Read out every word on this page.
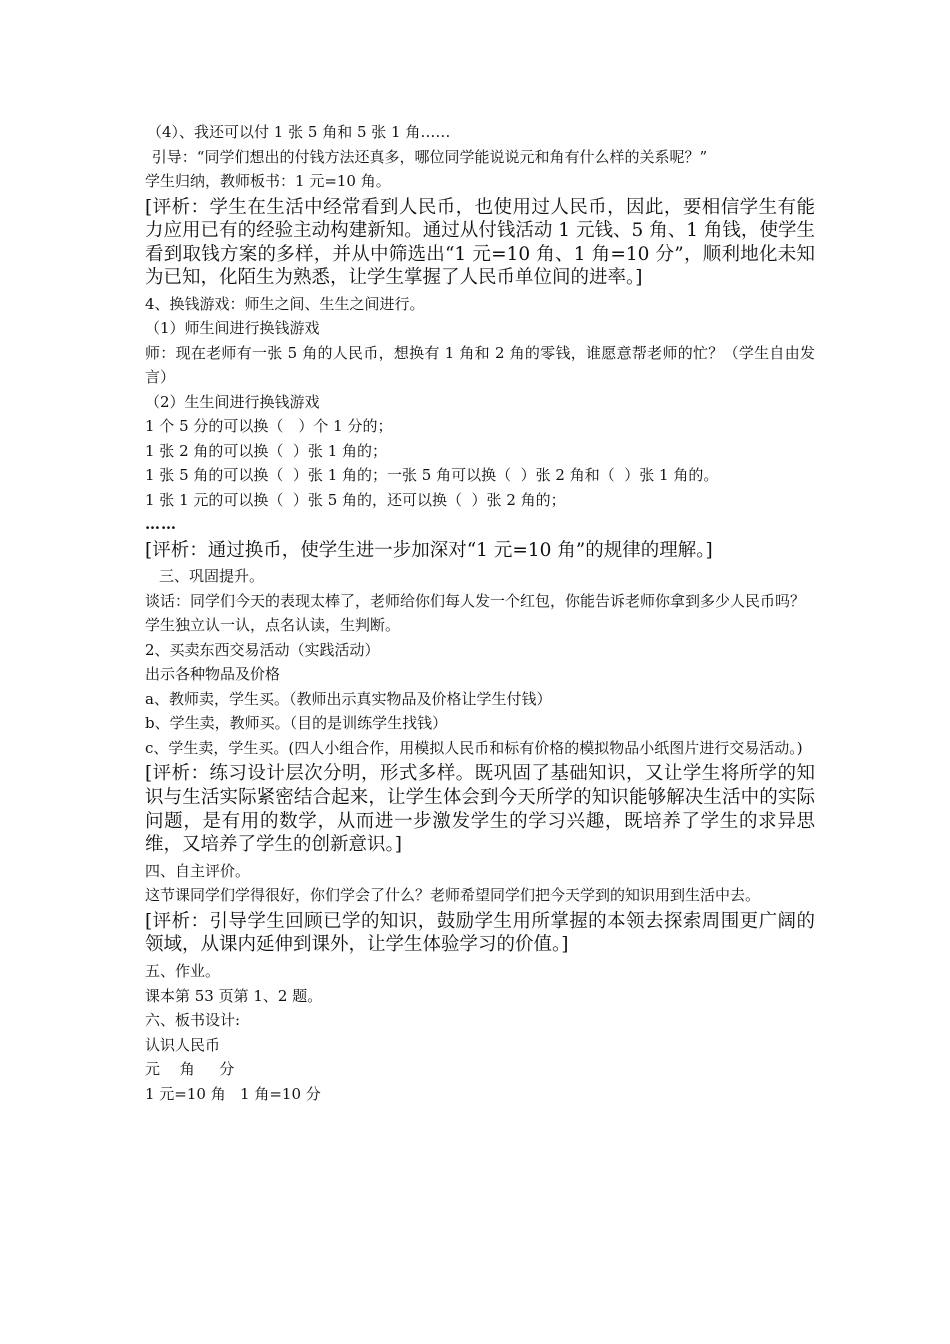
（4）、我还可以付 1 张 5 角和 5 张 1 角……
引导：“同学们想出的付钱方法还真多，哪位同学能说说元和角有什么样的关系呢？”
学生归纳，教师板书：1 元=10 角。
[评析：学生在生活中经常看到人民币，也使用过人民币，因此，要相信学生有能力应用已有的经验主动构建新知。通过从付钱活动 1 元钱、5 角、1 角钱，使学生看到取钱方案的多样，并从中筛选出“1 元=10 角、1 角=10 分”，顺利地化未知为已知，化陌生为熟悉，让学生掌握了人民币单位间的进率。]
4、换钱游戏：师生之间、生生之间进行。
（1）师生间进行换钱游戏
师：现在老师有一张 5 角的人民币，想换有 1 角和 2 角的零钱，谁愿意帮老师的忙？（学生自由发言）
（2）生生间进行换钱游戏
1 个 5 分的可以换（　）个 1 分的；
1 张 2 角的可以换（  ）张 1 角的；
1 张 5 角的可以换（  ）张 1 角的；一张 5 角可以换（  ）张 2 角和（  ）张 1 角的。
1 张 1 元的可以换（  ）张 5 角的，还可以换（  ）张 2 角的；
……
[评析：通过换币，使学生进一步加深对“1 元=10 角”的规律的理解。]
三、巩固提升。
谈话：同学们今天的表现太棒了，老师给你们每人发一个红包，你能告诉老师你拿到多少人民币吗？
学生独立认一认，点名认读，生判断。
2、买卖东西交易活动（实践活动）
出示各种物品及价格
a、教师卖，学生买。（教师出示真实物品及价格让学生付钱）
b、学生卖，教师买。（目的是训练学生找钱）
c、学生卖，学生买。(四人小组合作，用模拟人民币和标有价格的模拟物品小纸图片进行交易活动。)
[评析：练习设计层次分明，形式多样。既巩固了基础知识，又让学生将所学的知识与生活实际紧密结合起来，让学生体会到今天所学的知识能够解决生活中的实际问题，是有用的数学，从而进一步激发学生的学习兴趣，既培养了学生的求异思维，又培养了学生的创新意识。]
四、自主评价。
这节课同学们学得很好，你们学会了什么？老师希望同学们把今天学到的知识用到生活中去。
[评析：引导学生回顾已学的知识，鼓励学生用所掌握的本领去探索周围更广阔的领域，从课内延伸到课外，让学生体验学习的价值。]
五、作业。
课本第 53 页第 1、2 题。
六、板书设计:
认识人民币
元　 角 　 分
1 元=10 角   1 角=10 分
